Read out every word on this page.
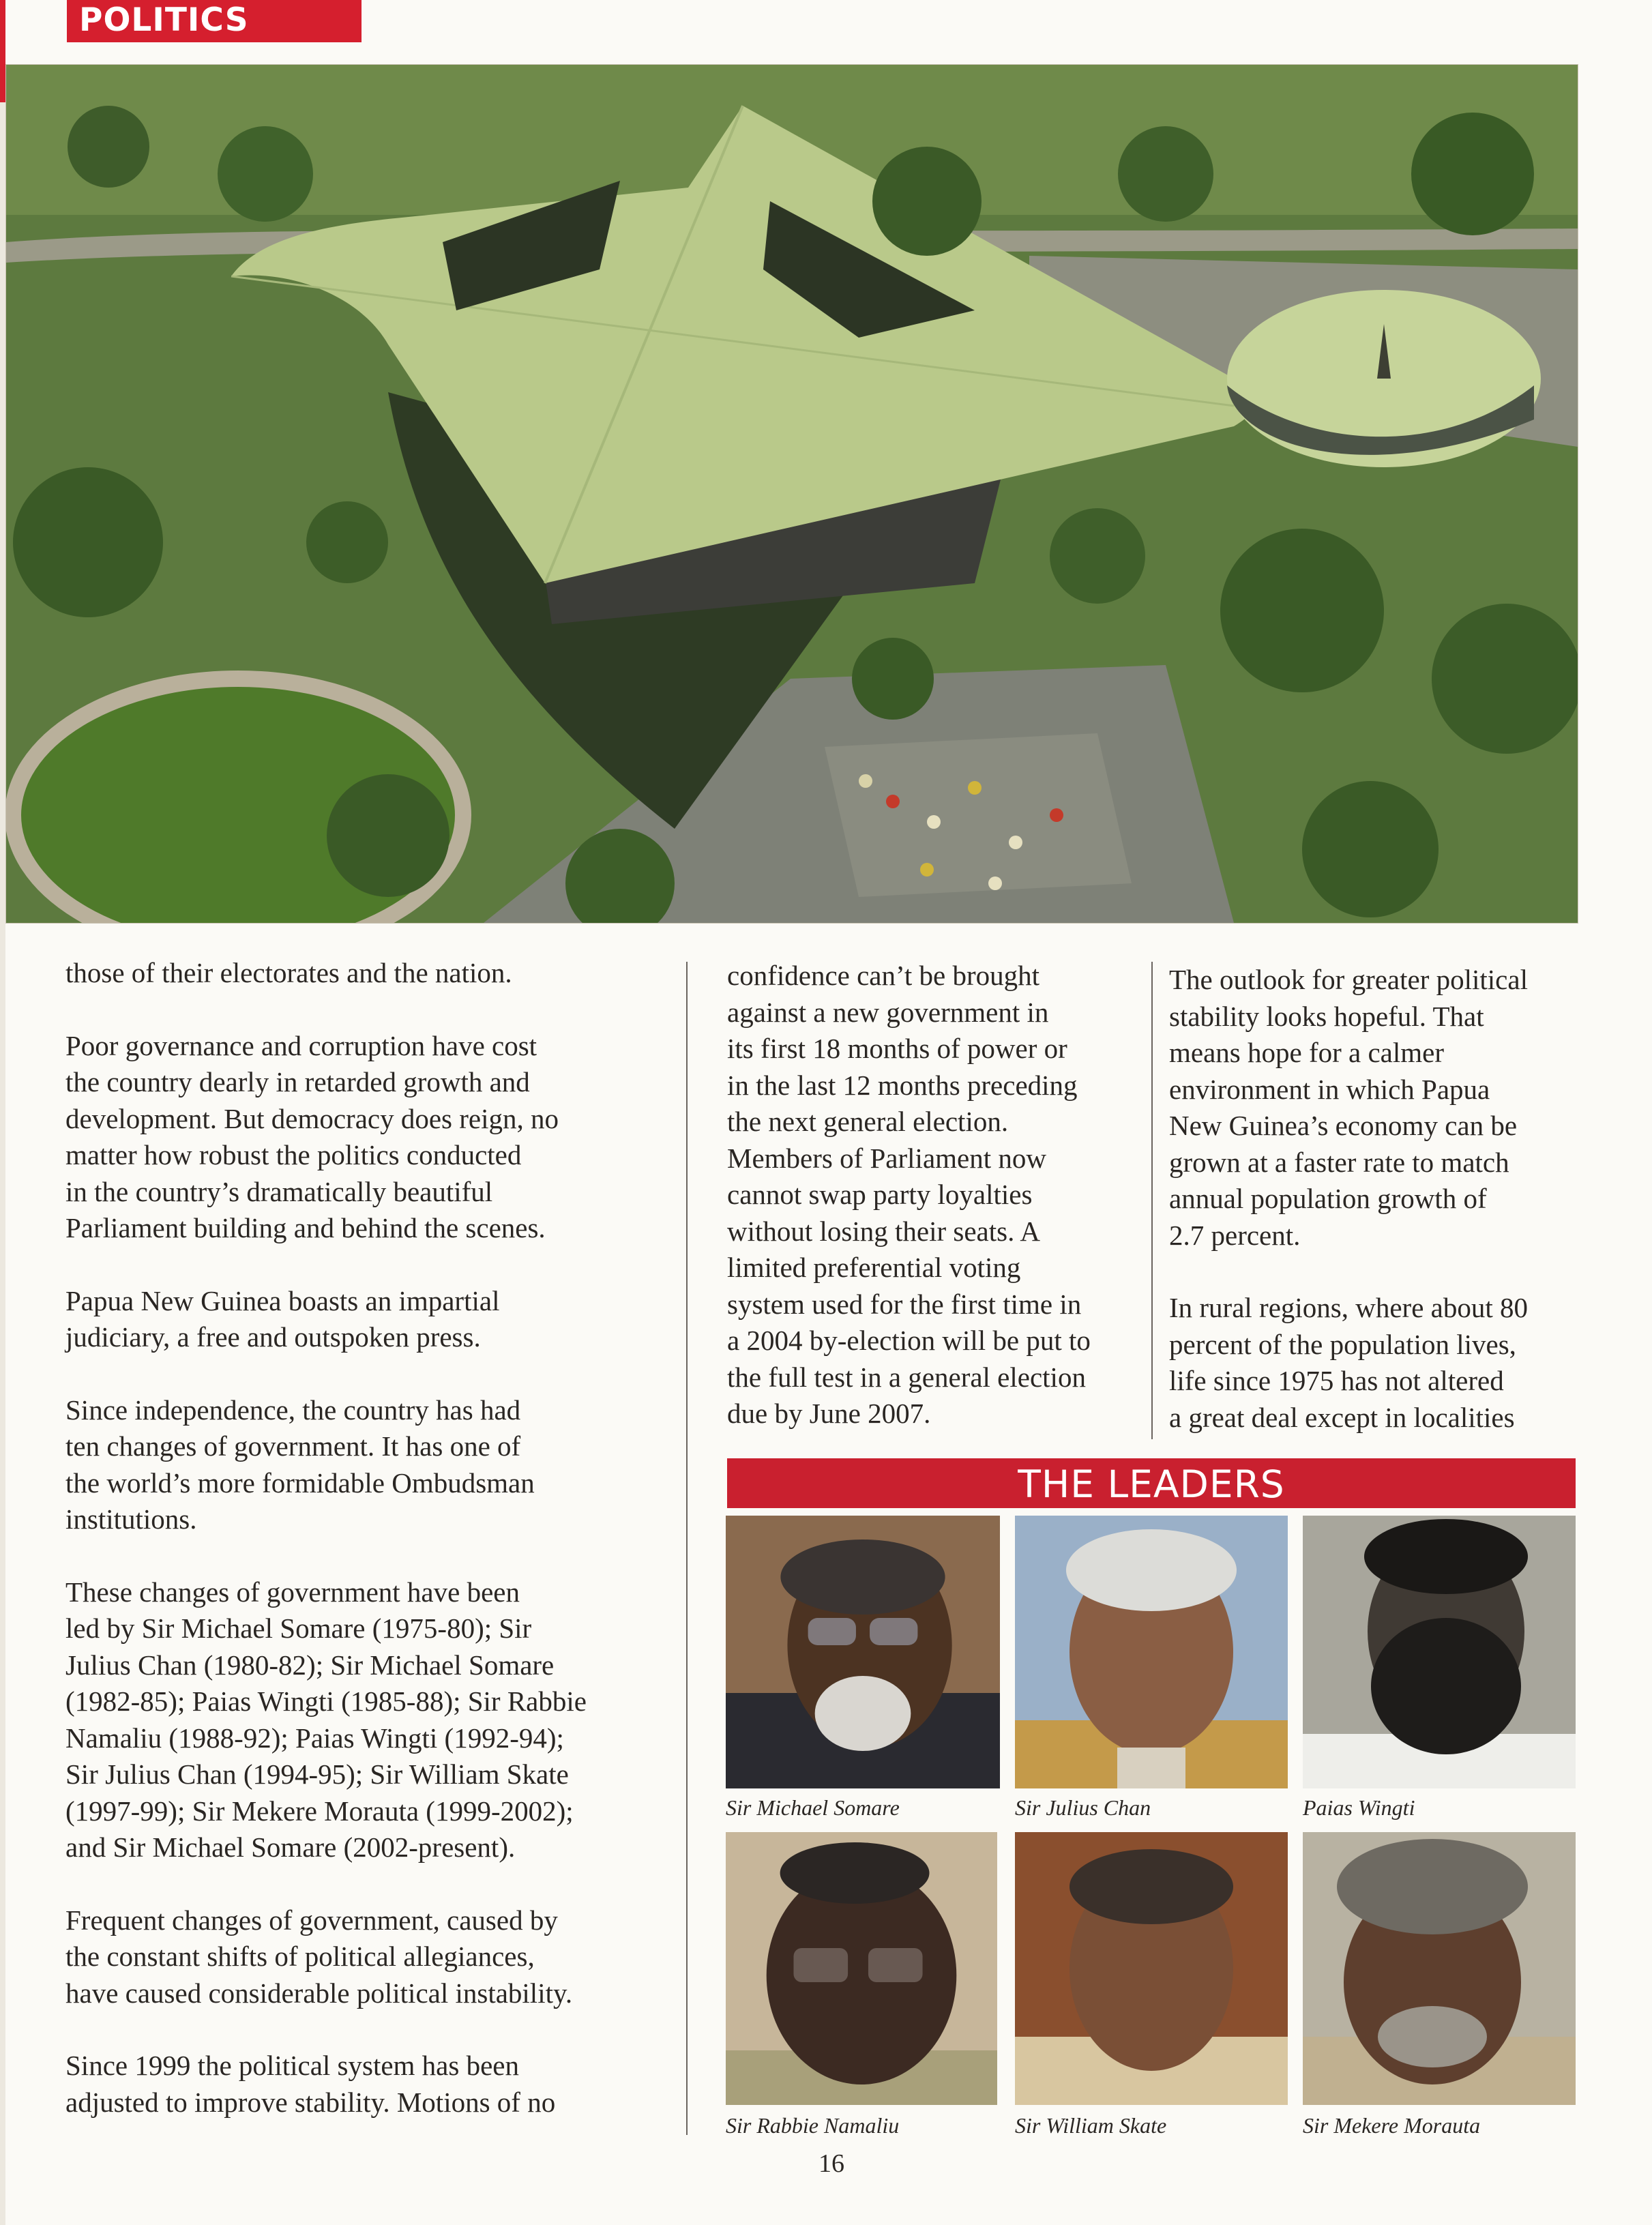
POLITICS

those of their electorates and the nation.

Poor governance and corruption have cost
the country dearly in retarded growth and
development. But democracy does reign, no
matter how robust the politics conducted
in the country’s dramatically beautiful
Parliament building and behind the scenes.

Papua New Guinea boasts an impartial
judiciary, a free and outspoken press.

Since independence, the country has had
ten changes of government. It has one of
the world’s more formidable Ombudsman
institutions.

These changes of government have been
led by Sir Michael Somare (1975-80); Sir
Julius Chan (1980-82); Sir Michael Somare
(1982-85); Paias Wingti (1985-88); Sir Rabbie
Namaliu (1988-92); Paias Wingti (1992-94);
Sir Julius Chan (1994-95); Sir William Skate
(1997-99); Sir Mekere Morauta (1999-2002);
and Sir Michael Somare (2002-present).

Frequent changes of government, caused by
the constant shifts of political allegiances,
have caused considerable political instability.

Since 1999 the political system has been
adjusted to improve stability. Motions of no

confidence can’t be brought
against a new government in
its first 18 months of power or
in the last 12 months preceding
the next general election.
Members of Parliament now
cannot swap party loyalties
without losing their seats. A
limited preferential voting
system used for the first time in
a 2004 by-election will be put to
the full test in a general election
due by June 2007.

The outlook for greater political
stability looks hopeful. That
means hope for a calmer
environment in which Papua
New Guinea’s economy can be
grown at a faster rate to match
annual population growth of
2.7 percent.

In rural regions, where about 80
percent of the population lives,
life since 1975 has not altered
a great deal except in localities

THE LEADERS
Sir Michael Somare	Sir Julius Chan	Paias Wingti
Sir Rabbie Namaliu	Sir William Skate	Sir Mekere Morauta
16
